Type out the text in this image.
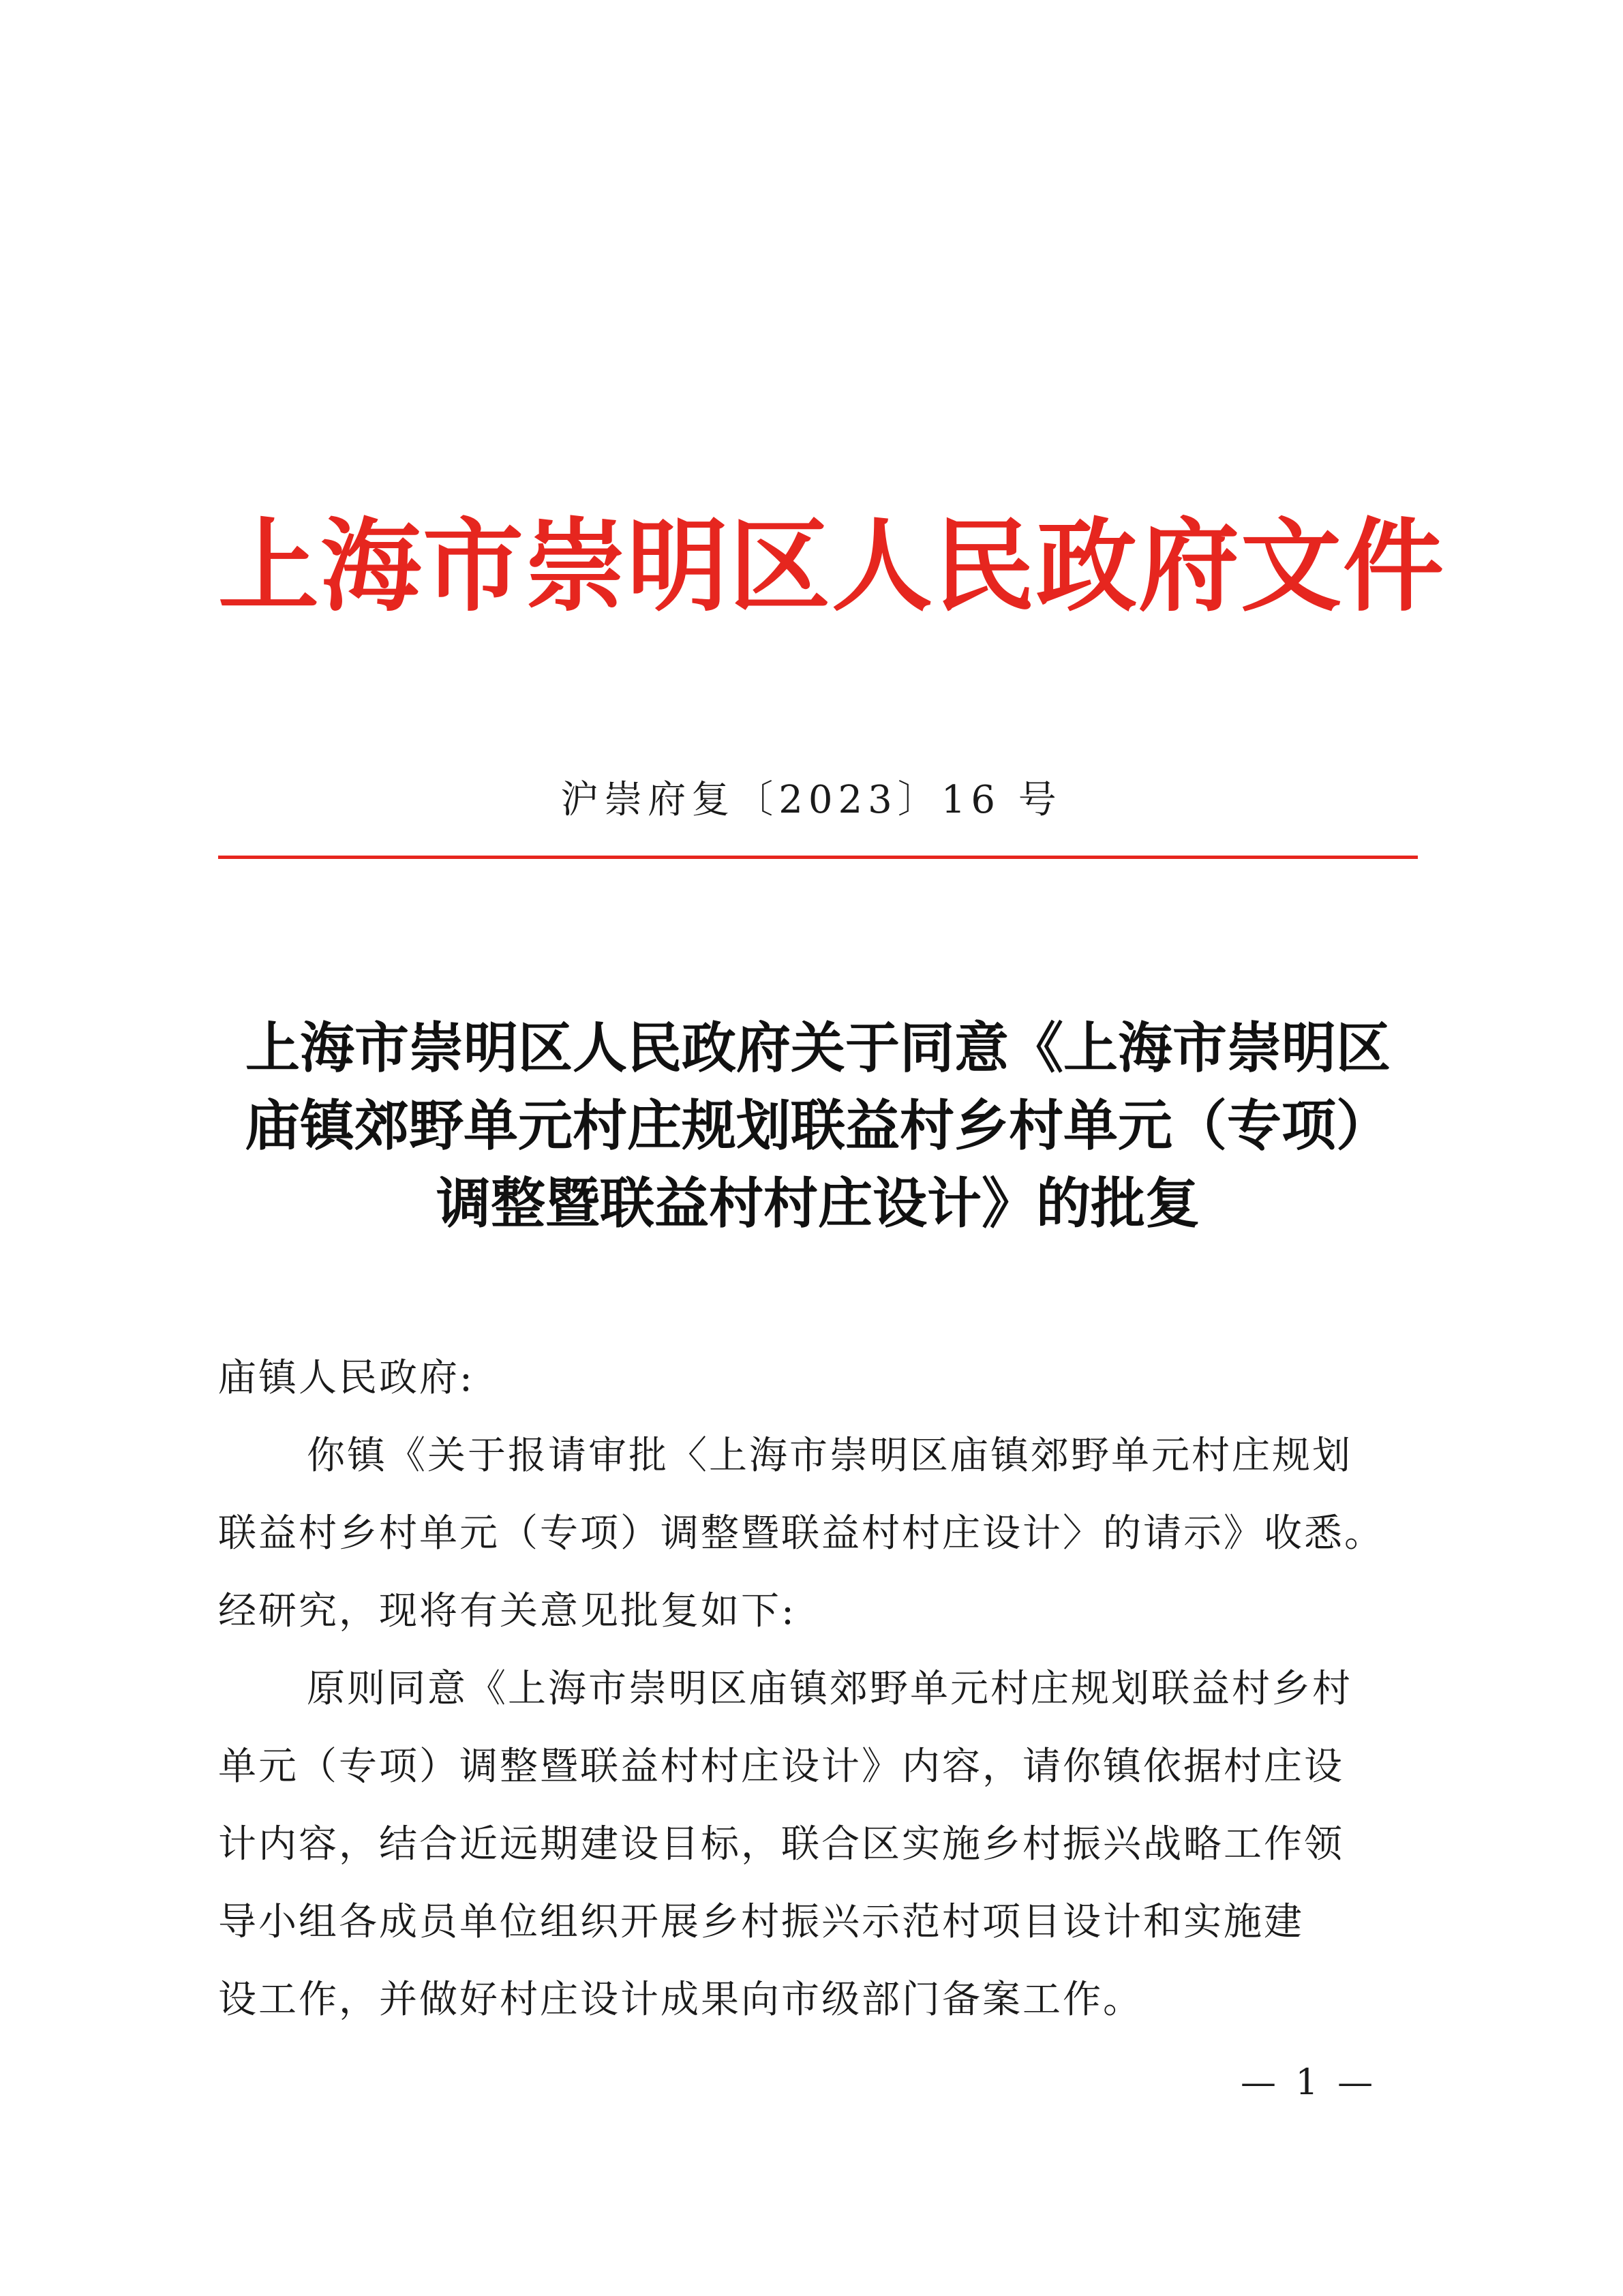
上海市崇明区人民政府文件
沪崇府复〔2023〕16 号
上海市崇明区人民政府关于同意《上海市崇明区
庙镇郊野单元村庄规划联益村乡村单元（专项）
调整暨联益村村庄设计》的批复
庙镇人民政府:
你镇《关于报请审批〈上海市崇明区庙镇郊野单元村庄规划
联益村乡村单元（专项）调整暨联益村村庄设计〉的请示》收悉。
经研究，现将有关意见批复如下:
原则同意《上海市崇明区庙镇郊野单元村庄规划联益村乡村
单元（专项）调整暨联益村村庄设计》内容，请你镇依据村庄设
计内容，结合近远期建设目标，联合区实施乡村振兴战略工作领
导小组各成员单位组织开展乡村振兴示范村项目设计和实施建
设工作，并做好村庄设计成果向市级部门备案工作。
— 1 —
